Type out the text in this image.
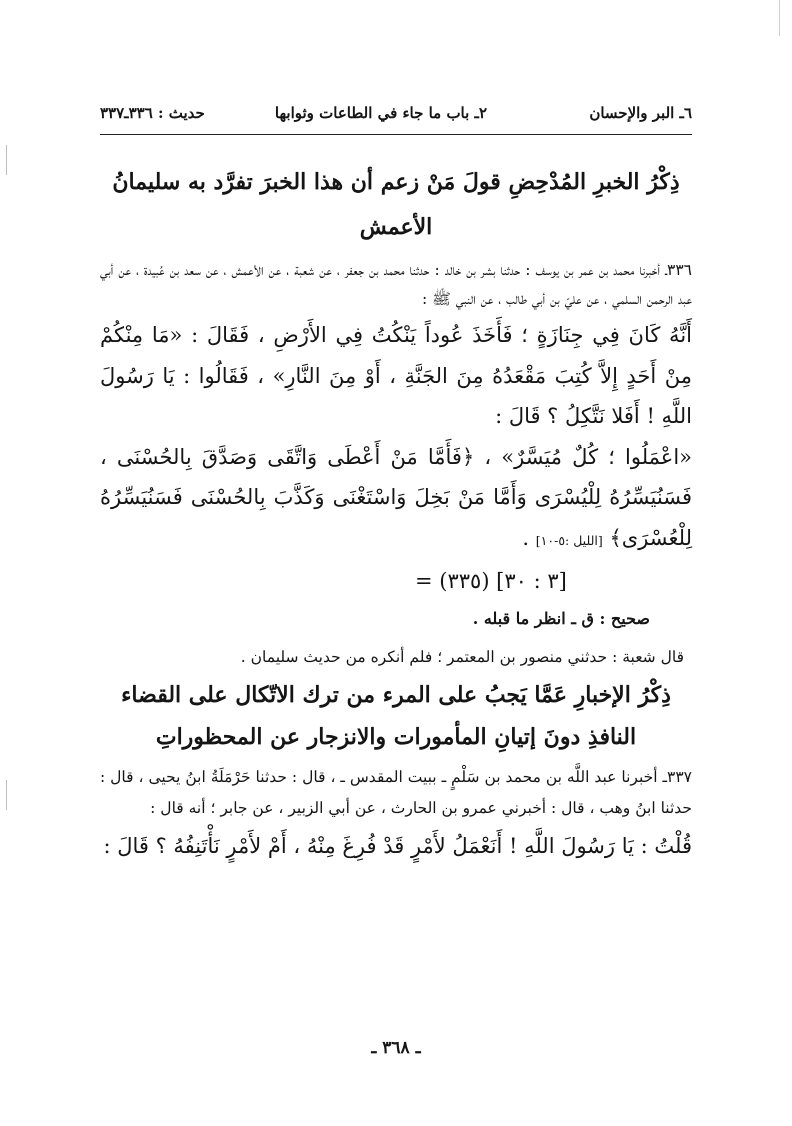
٦ـ البر والإحسان
٢ـ باب ما جاء في الطاعات وثوابها
حديث : ٣٣٦ـ٣٣٧
ذِكْرُ الخبرِ المُدْحِضِ قولَ مَنْ زعم أن هذا الخبرَ تفرَّد به سليمانُ الأعمش

٣٣٦ـ أخبرنا محمد بن عمر بن يوسف : حدثنا بشر بن خالد : حدثنا محمد بن جعفر ، عن شعبة ، عن الأعمش ، عن سعد بن عُبيدة ، عن أبي عبد الرحمن السلمي ، عن عليّ بن أبي طالب ، عن النبي ﷺ :

أَنَّهُ كَانَ فِي جِنَازَةٍ ؛ فَأَخَذَ عُوداً يَنْكُتُ فِي الأَرْضِ ، فَقَالَ : «مَا مِنْكُمْ مِنْ أَحَدٍ إِلاَّ كُتِبَ مَقْعَدُهُ مِنَ الجَنَّةِ ، أَوْ مِنَ النَّارِ» ، فَقَالُوا : يَا رَسُولَ اللَّهِ ! أَفَلا نَتَّكِلُ ؟ قَالَ :

«اعْمَلُوا ؛ كُلٌ مُيَسَّرٌ» ، ﴿فَأَمَّا مَنْ أَعْطَى وَاتَّقَى وَصَدَّقَ بِالحُسْنَى ، فَسَنُيَسِّرُهُ لِلْيُسْرَى وَأَمَّا مَنْ بَخِلَ وَاسْتَغْنَى وَكَذَّبَ بِالحُسْنَى فَسَنُيَسِّرُهُ لِلْعُسْرَى﴾ [الليل :٥-١٠] .

= (٣٣٥) [٣ : ٣٠]

صحيح : ق ـ انظر ما قبله .

قال شعبة : حدثني منصور بن المعتمر ؛ فلم أنكره من حديث سليمان .

ذِكْرُ الإخبارِ عَمَّا يَجبُ على المرء من ترك الاتّكال على القضاء النافذِ دونَ إتيانِ المأمورات والانزجار عن المحظوراتِ

٣٣٧ـ أخبرنا عبد اللَّه بن محمد بن سَلْمٍ ـ ببيت المقدس ـ ، قال : حدثنا حَرْمَلَةُ ابنُ يحيى ، قال : حدثنا ابنُ وهب ، قال : أخبرني عمرو بن الحارث ، عن أبي الزبير ، عن جابر ؛ أنه قال :

قُلْتُ : يَا رَسُولَ اللَّهِ ! أَنَعْمَلُ لأَمْرٍ قَدْ فُرِغَ مِنْهُ ، أَمْ لأَمْرٍ نَأْتَنِفُهُ ؟ قَالَ :

ـ ٣٦٨ ـ
